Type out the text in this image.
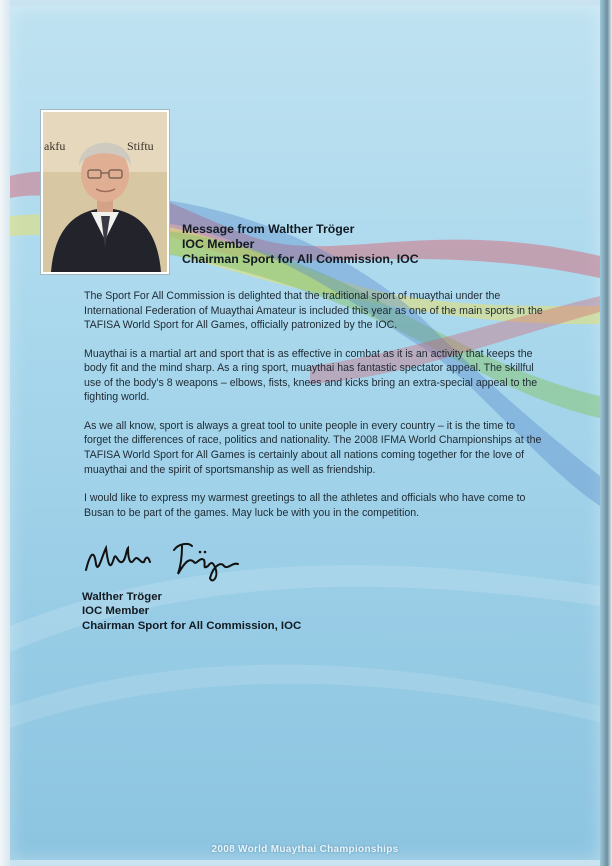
akfu	Stiftu
Message from Walther Tröger
IOC Member
Chairman Sport for All Commission, IOC

The Sport For All Commission is delighted that the traditional sport of muaythai under the International Federation of Muaythai Amateur is included this year as one of the main sports in the TAFISA World Sport for All Games, officially patronized by the IOC.

Muaythai is a martial art and sport that is as effective in combat as it is an activity that keeps the body fit and the mind sharp. As a ring sport, muaythai has fantastic spectator appeal. The skillful use of the body's 8 weapons – elbows, fists, knees and kicks bring an extra-special appeal to the fighting world.

As we all know, sport is always a great tool to unite people in every country – it is the time to forget the differences of race, politics and nationality. The 2008 IFMA World Championships at the TAFISA World Sport for All Games is certainly about all nations coming together for the love of muaythai and the spirit of sportsmanship as well as friendship.

I would like to express my warmest greetings to all the athletes and officials who have come to Busan to be part of the games. May luck be with you in the competition.

Walther Tröger
IOC Member
Chairman Sport for All Commission, IOC
2008 World Muaythai Championships
